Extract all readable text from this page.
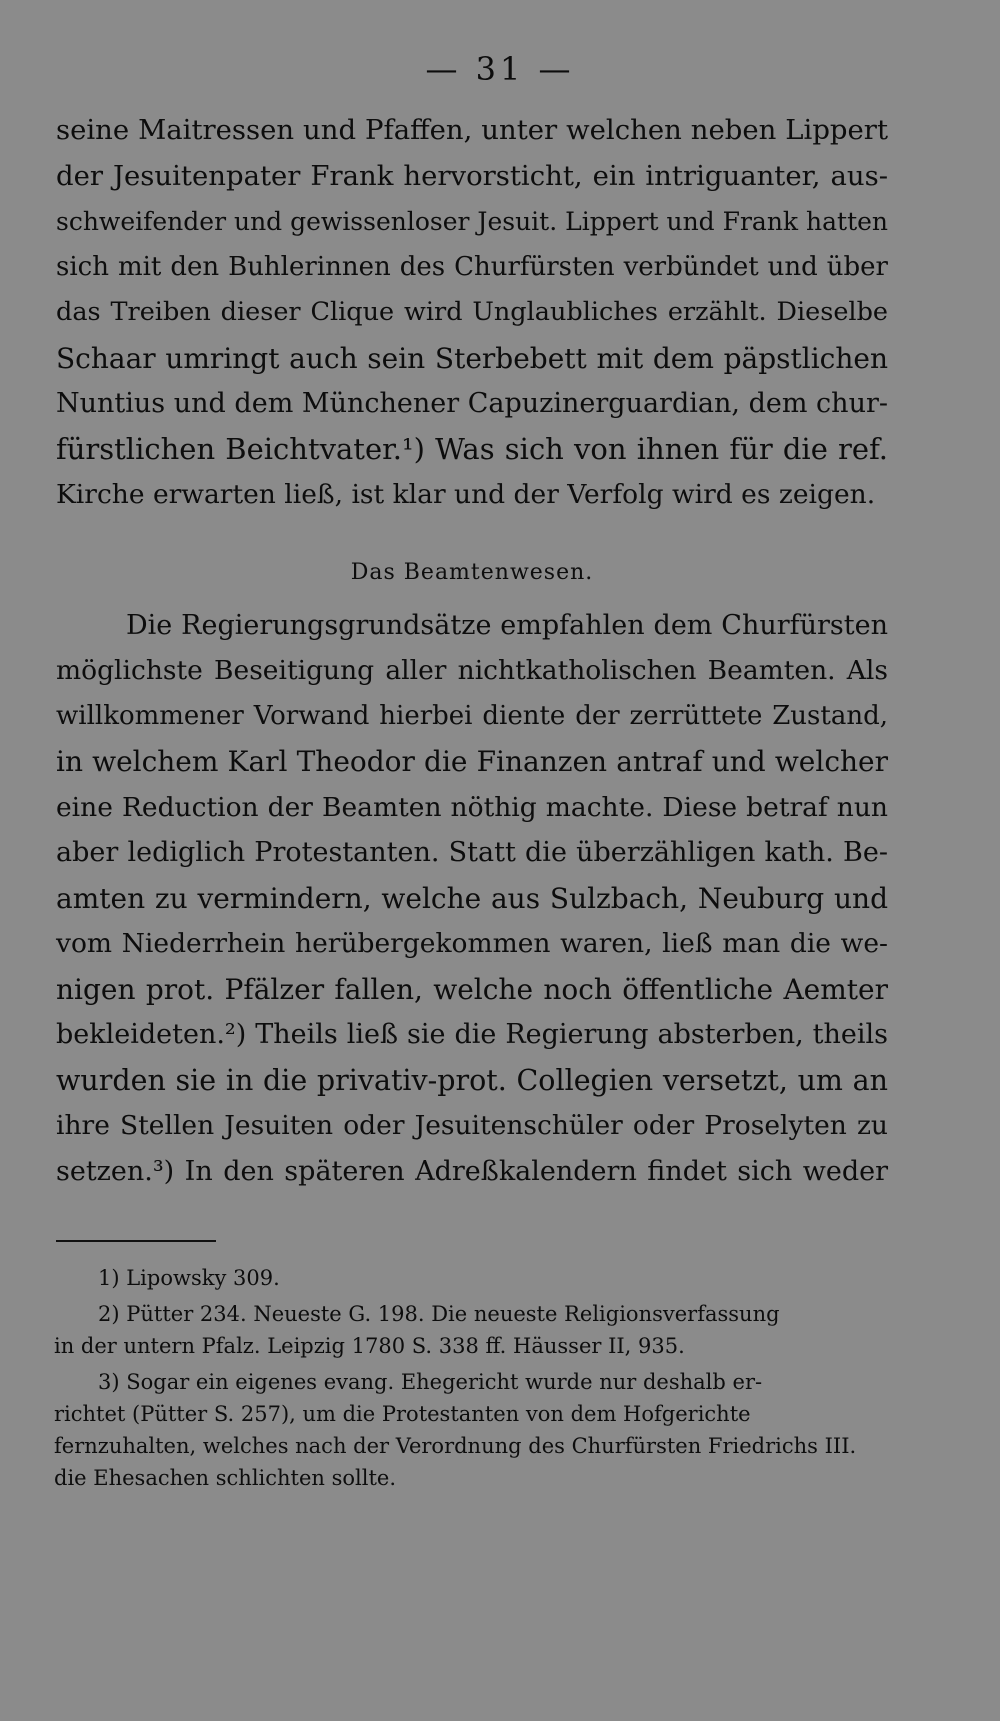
— 31 —

seine Maitressen und Pfaffen, unter welchen neben Lippert
der Jesuitenpater Frank hervorsticht, ein intriguanter, aus-
schweifender und gewissenloser Jesuit. Lippert und Frank hatten
sich mit den Buhlerinnen des Churfürsten verbündet und über
das Treiben dieser Clique wird Unglaubliches erzählt. Dieselbe
Schaar umringt auch sein Sterbebett mit dem päpstlichen
Nuntius und dem Münchener Capuzinerguardian, dem chur-
fürstlichen Beichtvater.¹) Was sich von ihnen für die ref.
Kirche erwarten ließ, ist klar und der Verfolg wird es zeigen.

Das Beamtenwesen.

Die Regierungsgrundsätze empfahlen dem Churfürsten
möglichste Beseitigung aller nichtkatholischen Beamten. Als
willkommener Vorwand hierbei diente der zerrüttete Zustand,
in welchem Karl Theodor die Finanzen antraf und welcher
eine Reduction der Beamten nöthig machte. Diese betraf nun
aber lediglich Protestanten. Statt die überzähligen kath. Be-
amten zu vermindern, welche aus Sulzbach, Neuburg und
vom Niederrhein herübergekommen waren, ließ man die we-
nigen prot. Pfälzer fallen, welche noch öffentliche Aemter
bekleideten.²) Theils ließ sie die Regierung absterben, theils
wurden sie in die privativ-prot. Collegien versetzt, um an
ihre Stellen Jesuiten oder Jesuitenschüler oder Proselyten zu
setzen.³) In den späteren Adreßkalendern findet sich weder

1) Lipowsky 309.

2) Pütter 234. Neueste G. 198. Die neueste Religionsverfassung
in der untern Pfalz. Leipzig 1780 S. 338 ff. Häusser II, 935.

3) Sogar ein eigenes evang. Ehegericht wurde nur deshalb er-
richtet (Pütter S. 257), um die Protestanten von dem Hofgerichte
fernzuhalten, welches nach der Verordnung des Churfürsten Friedrichs III.
die Ehesachen schlichten sollte.
